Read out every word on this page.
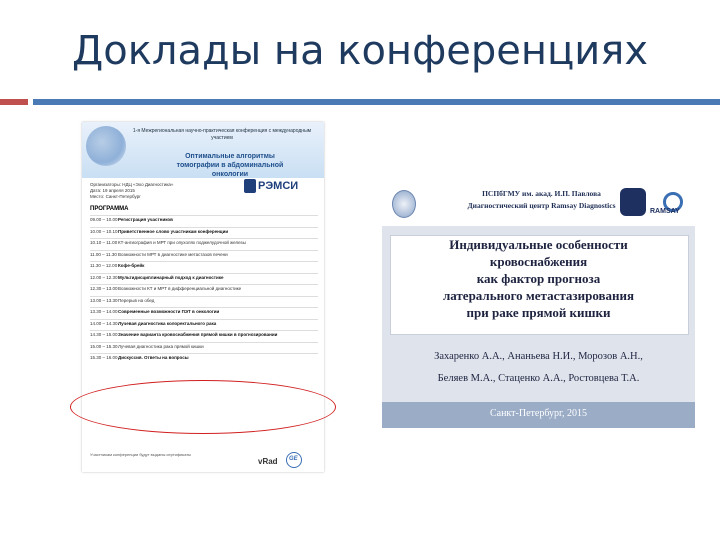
Доклады на конференциях
1-я Межрегиональная научно-практическая конференция с международным участием
Оптимальные алгоритмы томографии в абдоминальной онкологии
Организаторы: НДЦ «Эхо Диагностика»
Дата: 19 апреля 2015
Место: Санкт-Петербург
РЭМСИ
ПРОГРАММА
09.00 – 10.00 Регистрация участников
10.00 – 10.10 Приветственное слово участникам конференции
10.10 – 11.00 КТ-ангиография и МРТ при опухолях поджелудочной железы
11.00 – 11.30 Возможности МРТ в диагностике метастазов печени
11.30 – 12.00 Кофе-брейк
12.00 – 12.30 Мультидисциплинарный подход к диагностике
12.30 – 13.00 Возможности КТ и МРТ в дифференциальной диагностике
13.00 – 13.30 Перерыв на обед
13.30 – 14.00 Современные возможности ПЭТ в онкологии
14.00 – 14.30 Лучевая диагностика колоректального рака
14.30 – 15.00 Значение варианта кровоснабжения прямой кишки в прогнозировании
15.00 – 15.30 Лучевая диагностика рака прямой кишки
15.30 – 16.00 Дискуссия. Ответы на вопросы
Участникам конференции будут выданы сертификаты
vRad GE
ПСПбГМУ им. акад. И.П. Павлова
Диагностический центр Ramsay Diagnostics
RAMSAY
Индивидуальные особенности
кровоснабжения
как фактор прогноза
латерального метастазирования
при раке прямой кишки
Захаренко А.А., Ананьева Н.И., Морозов А.Н.,
Беляев М.А., Стаценко А.А., Ростовцева Т.А.
Санкт-Петербург, 2015
